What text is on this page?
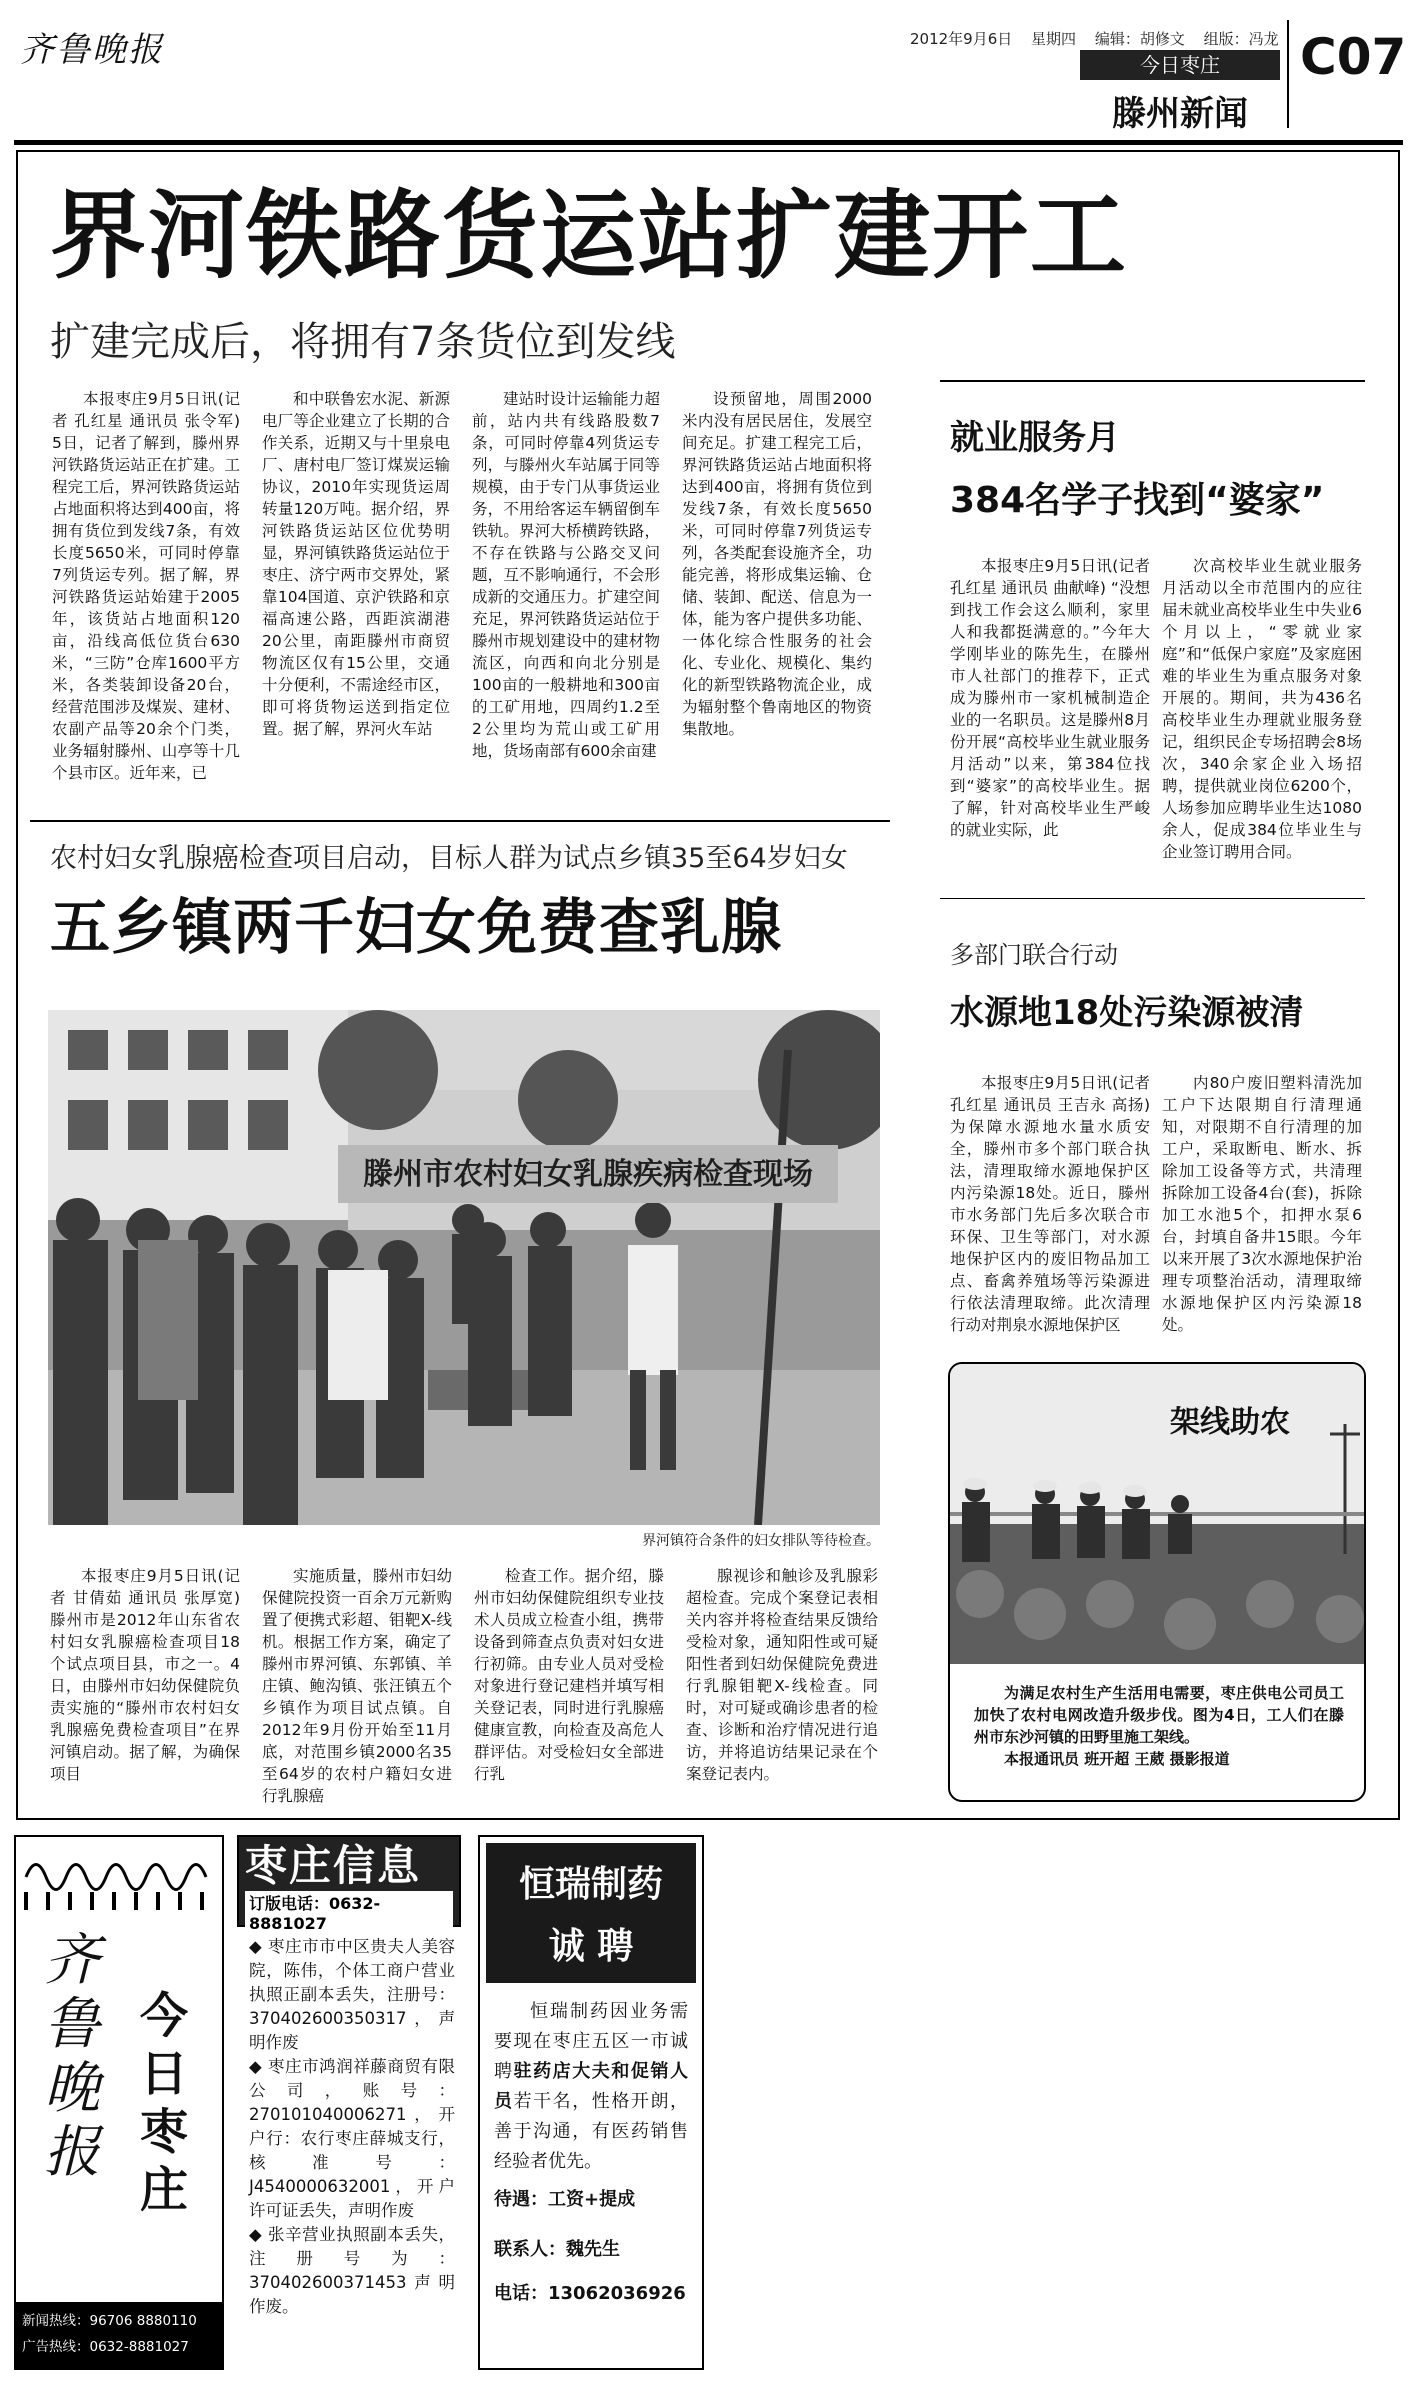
齐鲁晚报	2012年9月6日 星期四 编辑：胡修文 组版：冯龙
今日枣庄
滕州新闻
C07
界河铁路货运站扩建开工
扩建完成后，将拥有7条货位到发线

本报枣庄9月5日讯(记者 孔红星 通讯员 张令军) 5日，记者了解到，滕州界河铁路货运站正在扩建。工程完工后，界河铁路货运站占地面积将达到400亩，将拥有货位到发线7条，有效长度5650米，可同时停靠7列货运专列。据了解，界河铁路货运站始建于2005年，该货站占地面积120亩，沿线高低位货台630米，“三防”仓库1600平方米，各类装卸设备20台，经营范围涉及煤炭、建材、农副产品等20余个门类，业务辐射滕州、山亭等十几个县市区。近年来，已

和中联鲁宏水泥、新源电厂等企业建立了长期的合作关系，近期又与十里泉电厂、唐村电厂签订煤炭运输协议，2010年实现货运周转量120万吨。据介绍，界河铁路货运站区位优势明显，界河镇铁路货运站位于枣庄、济宁两市交界处，紧靠104国道、京沪铁路和京福高速公路，西距滨湖港20公里，南距滕州市商贸物流区仅有15公里，交通十分便利，不需途经市区，即可将货物运送到指定位置。据了解，界河火车站

建站时设计运输能力超前，站内共有线路股数7条，可同时停靠4列货运专列，与滕州火车站属于同等规模，由于专门从事货运业务，不用给客运车辆留倒车铁轨。界河大桥横跨铁路，不存在铁路与公路交叉问题，互不影响通行，不会形成新的交通压力。扩建空间充足，界河铁路货运站位于滕州市规划建设中的建材物流区，向西和向北分别是100亩的一般耕地和300亩的工矿用地，四周约1.2至2公里均为荒山或工矿用地，货场南部有600余亩建

设预留地，周围2000米内没有居民居住，发展空间充足。扩建工程完工后，界河铁路货运站占地面积将达到400亩，将拥有货位到发线7条，有效长度5650米，可同时停靠7列货运专列，各类配套设施齐全，功能完善，将形成集运输、仓储、装卸、配送、信息为一体，能为客户提供多功能、一体化综合性服务的社会化、专业化、规模化、集约化的新型铁路物流企业，成为辐射整个鲁南地区的物资集散地。

就业服务月
384名学子找到“婆家”

本报枣庄9月5日讯(记者 孔红星 通讯员 曲献峰) “没想到找工作会这么顺利，家里人和我都挺满意的。”今年大学刚毕业的陈先生，在滕州市人社部门的推荐下，正式成为滕州市一家机械制造企业的一名职员。这是滕州8月份开展“高校毕业生就业服务月活动”以来，第384位找到“婆家”的高校毕业生。据了解，针对高校毕业生严峻的就业实际，此

次高校毕业生就业服务月活动以全市范围内的应往届未就业高校毕业生中失业6个月以上，“零就业家庭”和“低保户家庭”及家庭困难的毕业生为重点服务对象开展的。期间，共为436名高校毕业生办理就业服务登记，组织民企专场招聘会8场次，340余家企业入场招聘，提供就业岗位6200个，人场参加应聘毕业生达1080余人，促成384位毕业生与企业签订聘用合同。

农村妇女乳腺癌检查项目启动，目标人群为试点乡镇35至64岁妇女
五乡镇两千妇女免费查乳腺
滕州市农村妇女乳腺疾病检查现场
界河镇符合条件的妇女排队等待检查。

本报枣庄9月5日讯(记者 甘倩茹 通讯员 张厚宽) 滕州市是2012年山东省农村妇女乳腺癌检查项目18个试点项目县，市之一。4日，由滕州市妇幼保健院负责实施的“滕州市农村妇女乳腺癌免费检查项目”在界河镇启动。据了解，为确保项目

实施质量，滕州市妇幼保健院投资一百余万元新购置了便携式彩超、钼靶X-线机。根据工作方案，确定了滕州市界河镇、东郭镇、羊庄镇、鲍沟镇、张汪镇五个乡镇作为项目试点镇。自2012年9月份开始至11月底，对范围乡镇2000名35至64岁的农村户籍妇女进行乳腺癌

检查工作。据介绍，滕州市妇幼保健院组织专业技术人员成立检查小组，携带设备到筛查点负责对妇女进行初筛。由专业人员对受检对象进行登记建档并填写相关登记表，同时进行乳腺癌健康宣教，向检查及高危人群评估。对受检妇女全部进行乳

腺视诊和触诊及乳腺彩超检查。完成个案登记表相关内容并将检查结果反馈给受检对象，通知阳性或可疑阳性者到妇幼保健院免费进行乳腺钼靶X-线检查。同时，对可疑或确诊患者的检查、诊断和治疗情况进行追访，并将追访结果记录在个案登记表内。

多部门联合行动
水源地18处污染源被清

本报枣庄9月5日讯(记者 孔红星 通讯员 王吉永 高扬) 为保障水源地水量水质安全，滕州市多个部门联合执法，清理取缔水源地保护区内污染源18处。近日，滕州市水务部门先后多次联合市环保、卫生等部门，对水源地保护区内的废旧物品加工点、畜禽养殖场等污染源进行依法清理取缔。此次清理行动对荆泉水源地保护区

内80户废旧塑料清洗加工户下达限期自行清理通知，对限期不自行清理的加工户，采取断电、断水、拆除加工设备等方式，共清理拆除加工设备4台(套)，拆除加工水池5个，扣押水泵6台，封填自备井15眼。今年以来开展了3次水源地保护治理专项整治活动，清理取缔水源地保护区内污染源18处。

架线助农

为满足农村生产生活用电需要，枣庄供电公司员工加快了农村电网改造升级步伐。图为4日，工人们在滕州市东沙河镇的田野里施工架线。

本报通讯员 班开超 王葳 摄影报道

齐鲁晚报
今日枣庄
新闻热线：96706 8880110
广告热线：0632-8881027
枣庄信息
订版电话：0632-8881027
◆ 枣庄市市中区贵夫人美容院，陈伟，个体工商户营业执照正副本丢失，注册号：370402600350317，声明作废
◆ 枣庄市鸿润祥藤商贸有限公司，账号：270101040006271，开户行：农行枣庄薛城支行，核准号：J4540000632001，开户许可证丢失，声明作废
◆ 张辛营业执照副本丢失，注册号为：370402600371453声明作废。
恒瑞制药
诚 聘
恒瑞制药因业务需要现在枣庄五区一市诚聘驻药店大夫和促销人员若干名，性格开朗，善于沟通，有医药销售经验者优先。
待遇：工资+提成
联系人：魏先生
电话：13062036926
